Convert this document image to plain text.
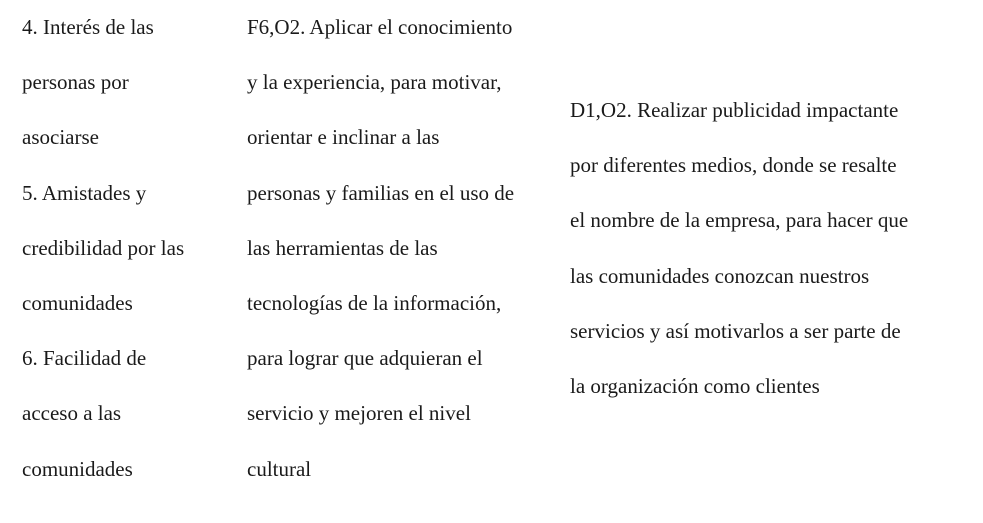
4. Interés de las
personas por
asociarse
5. Amistades y
credibilidad por las
comunidades
6. Facilidad de
acceso a las
comunidades
F6,O2. Aplicar el conocimiento
y la experiencia, para motivar,
orientar e inclinar a las
personas y familias en el uso de
las herramientas de las
tecnologías de la información,
para lograr que adquieran el
servicio y mejoren el nivel
cultural
D1,O2. Realizar publicidad impactante
por diferentes medios, donde se resalte
el nombre de la empresa, para hacer que
las comunidades conozcan nuestros
servicios y así motivarlos a ser parte de
la organización como clientes
